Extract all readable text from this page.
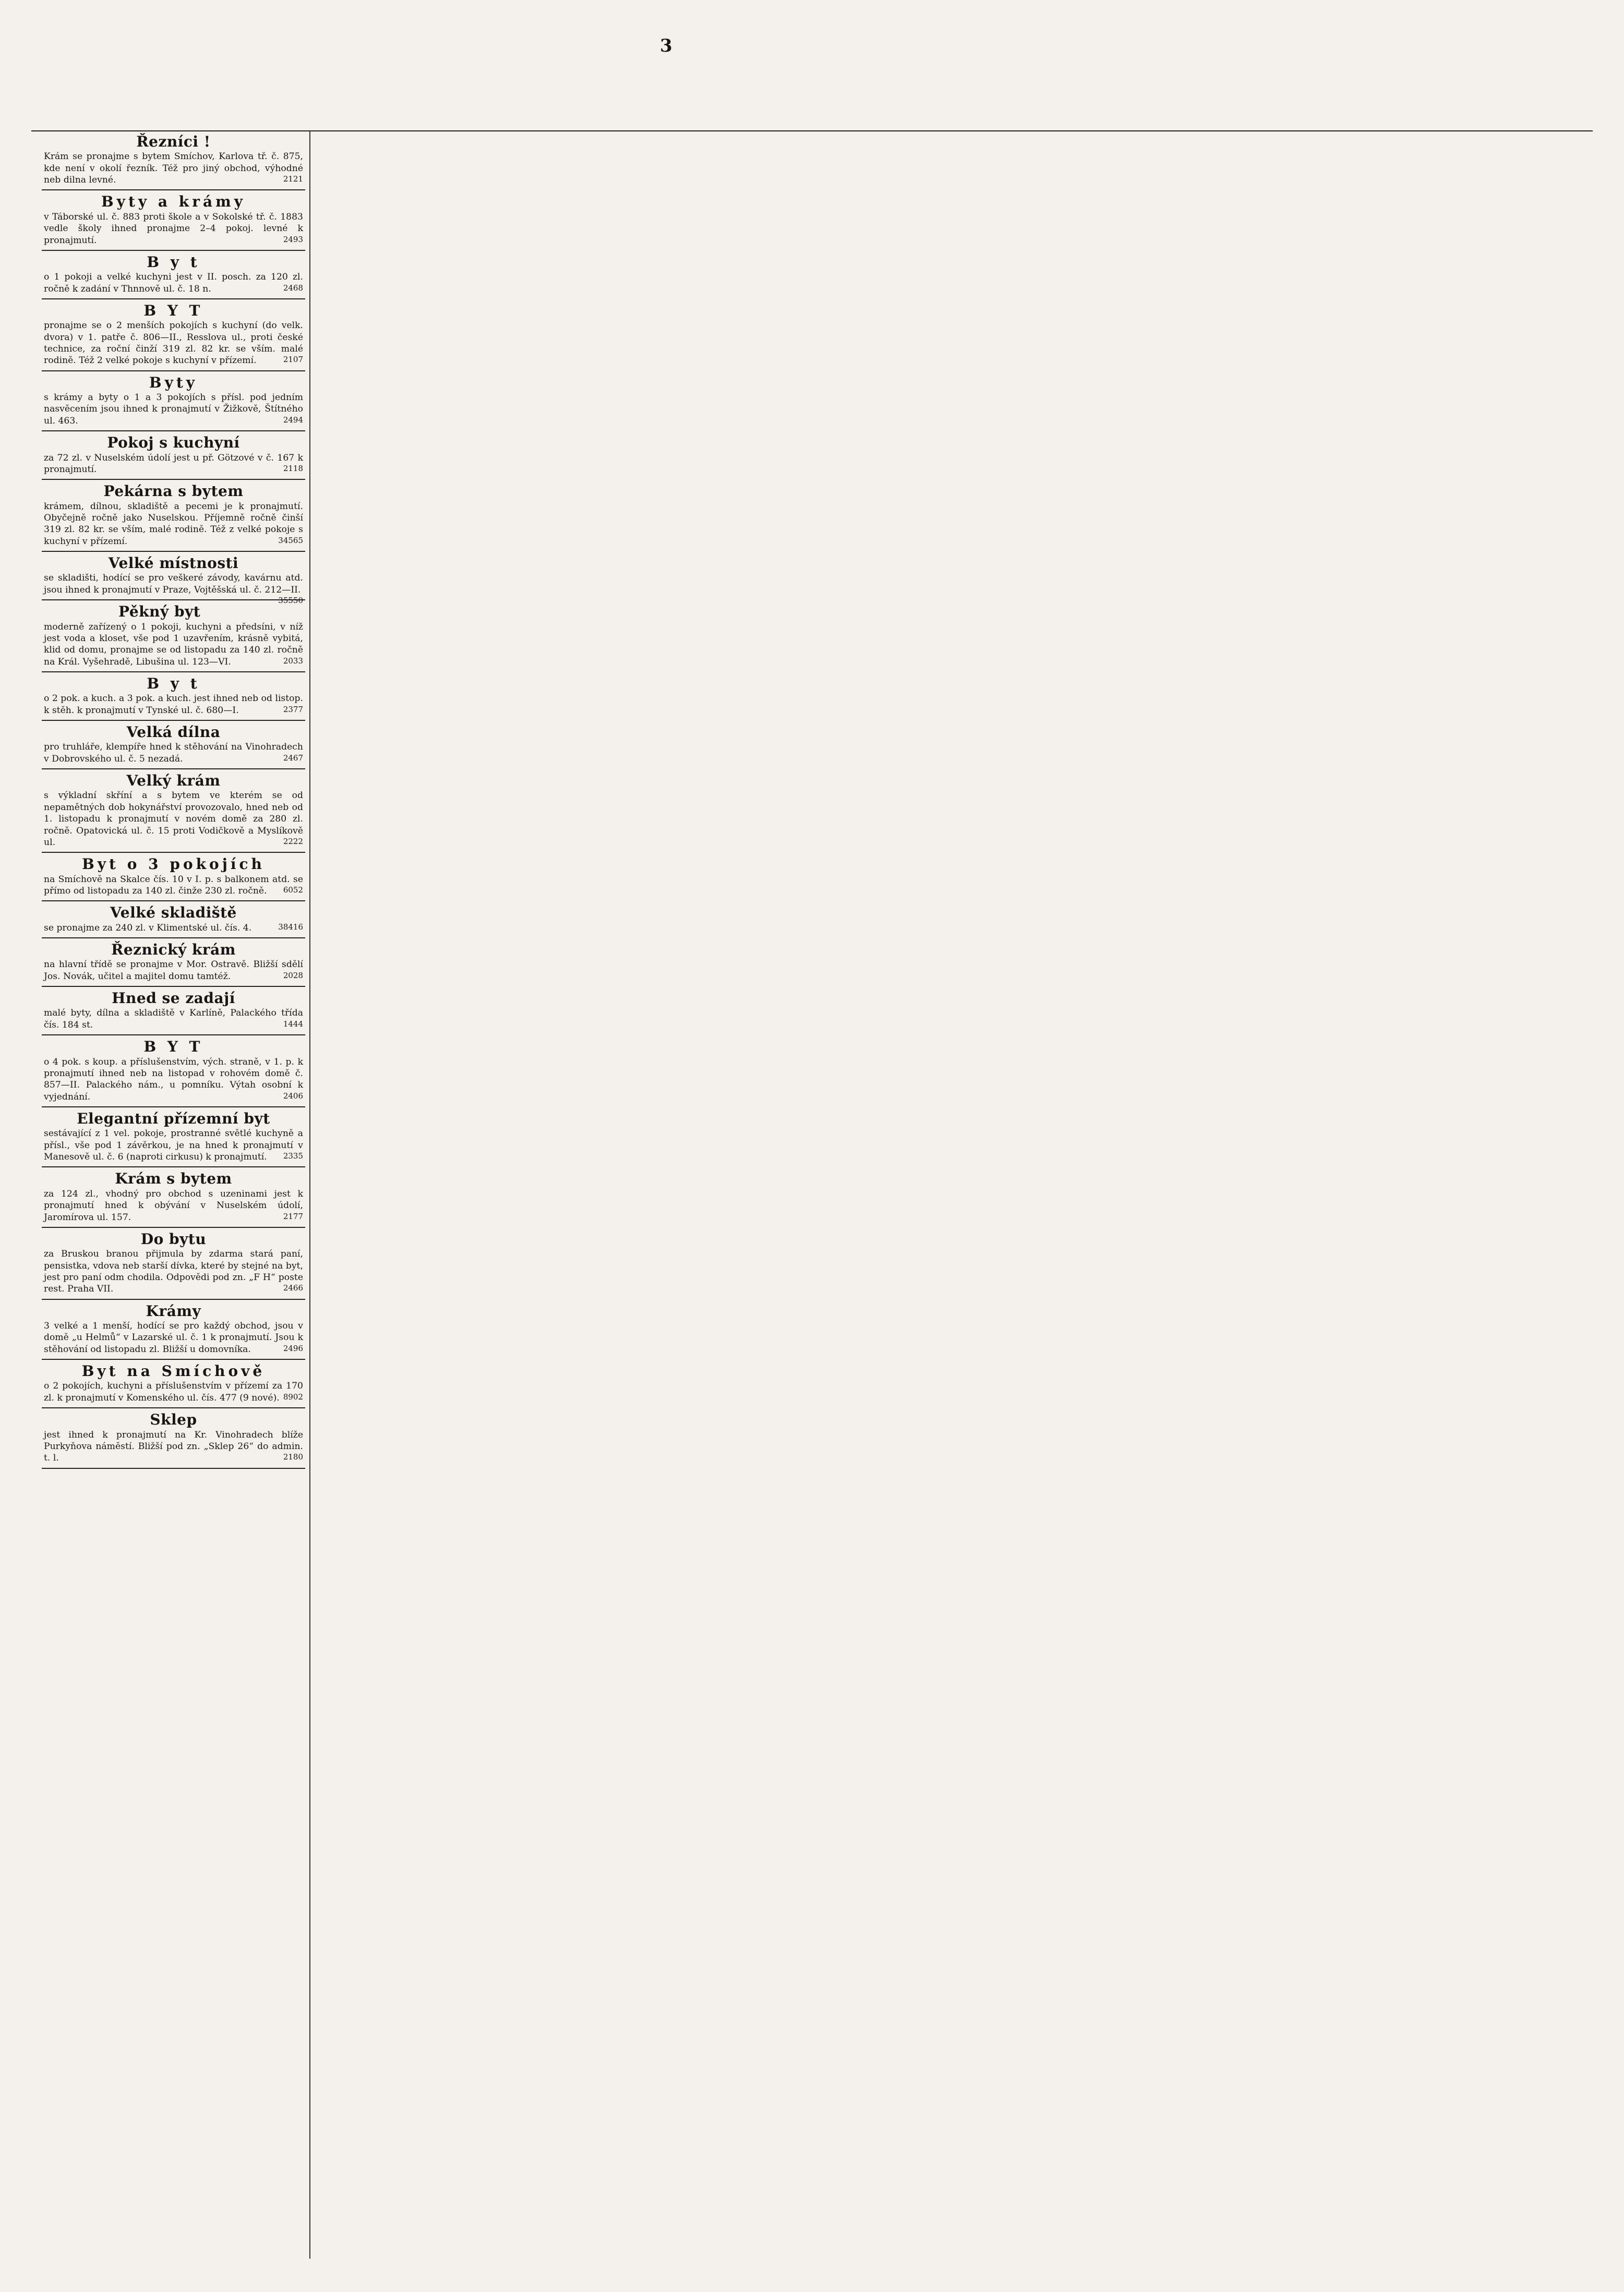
3
Řezníci !
Krám se pronajme s bytem Smíchov, Karlova tř. č. 875, kde není v okolí řezník. Též pro jiný obchod, výhodné neb dilna levné.	2121
Byty a krámy
v Táborské ul. č. 883 proti škole a v Sokolské tř. č. 1883 vedle školy ihned pronajme 2–4 pokoj. levné k pronajmutí.	2493
B y t
o 1 pokoji a velké kuchyni jest v II. posch. za 120 zl. ročně k zadání v Thnnově ul. č. 18 n.	2468
B Y T
pronajme se o 2 menších pokojích s kuchyní (do velk. dvora) v 1. patře č. 806—II., Resslova ul., proti české technice, za roční činží 319 zl. 82 kr. se vším. malé rodině. Též 2 velké pokoje s kuchyní v přízemí.	2107
Byty
s krámy a byty o 1 a 3 pokojích s přísl. pod jedním nasvěcením jsou ihned k pronajmutí v Žižkově, Štítného ul. 463.	2494
Pokoj s kuchyní
za 72 zl. v Nuselském údolí jest u př. Götzové v č. 167 k pronajmutí.	2118
Pekárna s bytem
krámem, dílnou, skladiště a pecemi je k pronajmutí. Obyčejně ročně jako Nuselskou. Příjemně ročně činší 319 zl. 82 kr. se vším, malé rodině. Též z velké pokoje s kuchyní v přízemí.	34565
Velké místnosti
se skladišti, hodící se pro veškeré závody, kavárnu atd. jsou ihned k pronajmutí v Praze, Vojtěšská ul. č. 212—II.
35550
Pěkný byt
moderně zařízený o 1 pokoji, kuchyni a předsíni, v níž jest voda a kloset, vše pod 1 uzavřením, krásně vybitá, klid od domu, pronajme se od listopadu za 140 zl. ročně na Král. Vyšehradě, Libušina ul. 123—VI.	2033
B y t
o 2 pok. a kuch. a 3 pok. a kuch. jest ihned neb od listop. k stěh. k pronajmutí v Tynské ul. č. 680—I.	2377
Velká dílna
pro truhláře, klempíře hned k stěhování na Vinohradech v Dobrovského ul. č. 5 nezadá.	2467
Velký krám
s výkladní skříní a s bytem ve kterém se od nepamětných dob hokynářství provozovalo, hned neb od 1. listopadu k pronajmutí v novém domě za 280 zl. ročně. Opatovická ul. č. 15 proti Vodičkově a Myslíkově ul.	2222
Byt o 3 pokojích
na Smíchově na Skalce čís. 10 v I. p. s balkonem atd. se přímo od listopadu za 140 zl. činže 230 zl. ročně. 6052
Velké skladiště
se pronajme za 240 zl. v Klimentské ul. čís. 4.	38416
Řeznický krám
na hlavní třídě se pronajme v Mor. Ostravě. Bližší sdělí Jos. Novák, učitel a majitel domu tamtéž.	2028
Hned se zadají
malé byty, dílna a skladiště v Karlíně, Palackého třída čís. 184 st.	1444
B Y T
o 4 pok. s koup. a příslušenstvím, vých. straně, v 1. p. k pronajmutí ihned neb na listopad v rohovém domě č. 857—II. Palackého nám., u pomníku. Výtah osobní k vyjednání.	2406
Elegantní přízemní byt
sestávající z 1 vel. pokoje, prostranné světlé kuchyně a přísl., vše pod 1 závěrkou, je na hned k pronajmutí v Manesově ul. č. 6 (naproti cirkusu) k pronajmutí. 2335
Krám s bytem
za 124 zl., vhodný pro obchod s uzeninami jest k pronajmutí hned k obývání v Nuselském údolí, Jaromírova ul. 157.	2177
Do bytu
za Bruskou branou přijmula by zdarma stará paní, pensistka, vdova neb starší dívka, které by stejné na byt, jest pro paní odm chodila. Odpovědi pod zn. „F H“ poste rest. Praha VII.	2466
Krámy
3 velké a 1 menší, hodící se pro každý obchod, jsou v domě „u Helmů“ v Lazarské ul. č. 1 k pronajmutí. Jsou k stěhování od listopadu zl. Bližší u domovníka.	2496
Byt na Smíchově
o 2 pokojích, kuchyni a příslušenstvím v přízemí za 170 zl. k pronajmutí v Komenského ul. čís. 477 (9 nové). 8902
Sklep
jest ihned k pronajmutí na Kr. Vinohradech blíže Purkyňova náměstí. Bližší pod zn. „Sklep 26“ do admin. t. l.	2180
